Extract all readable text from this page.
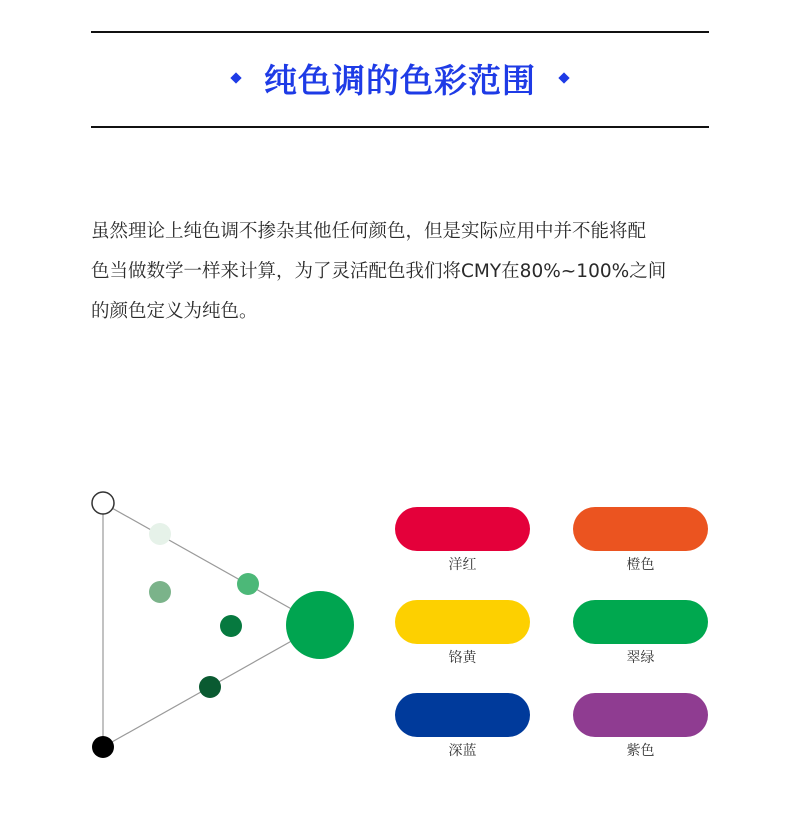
纯色调的色彩范围

虽然理论上纯色调不掺杂其他任何颜色，但是实际应用中并不能将配
色当做数学一样来计算，为了灵活配色我们将CMY在80%~100%之间
的颜色定义为纯色。

洋红	橙色
铬黄	翠绿
深蓝	紫色
